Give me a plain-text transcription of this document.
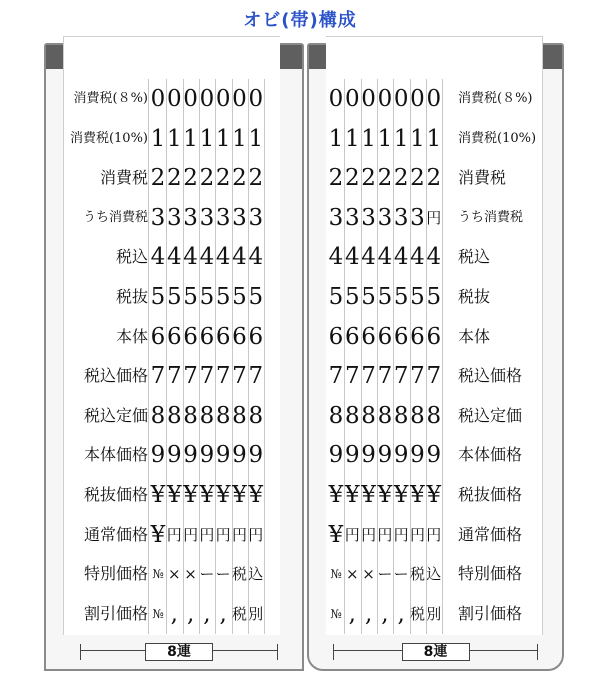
オビ(帯)構成
消費税(８%) 0 0 0 0 0 0 0
消費税(10%) 1 1 1 1 1 1 1
消費税 2 2 2 2 2 2 2
うち消費税 3 3 3 3 3 3 3
税込 4 4 4 4 4 4 4
税抜 5 5 5 5 5 5 5
本体 6 6 6 6 6 6 6
税込価格 7 7 7 7 7 7 7
税込定価 8 8 8 8 8 8 8
本体価格 9 9 9 9 9 9 9
税抜価格 ¥ ¥ ¥ ¥ ¥ ¥ ¥
通常価格 ¥ 円 円 円 円 円 円
特別価格 № × × ー ー 税 込
割引価格 № , , , , 税 別
消費税(８%)
0 0 0 0 0 0 0
消費税(10%)
1 1 1 1 1 1 1
消費税
2 2 2 2 2 2 2
うち消費税
3 3 3 3 3 3 円
税込
4 4 4 4 4 4 4
税抜
5 5 5 5 5 5 5
本体
6 6 6 6 6 6 6
税込価格
7 7 7 7 7 7 7
税込定価
8 8 8 8 8 8 8
本体価格
9 9 9 9 9 9 9
税抜価格
¥ ¥ ¥ ¥ ¥ ¥ ¥
通常価格
¥ 円 円 円 円 円 円
特別価格
№ × × ー ー 税 込
割引価格
№ , , , , 税 別
8連	8連
